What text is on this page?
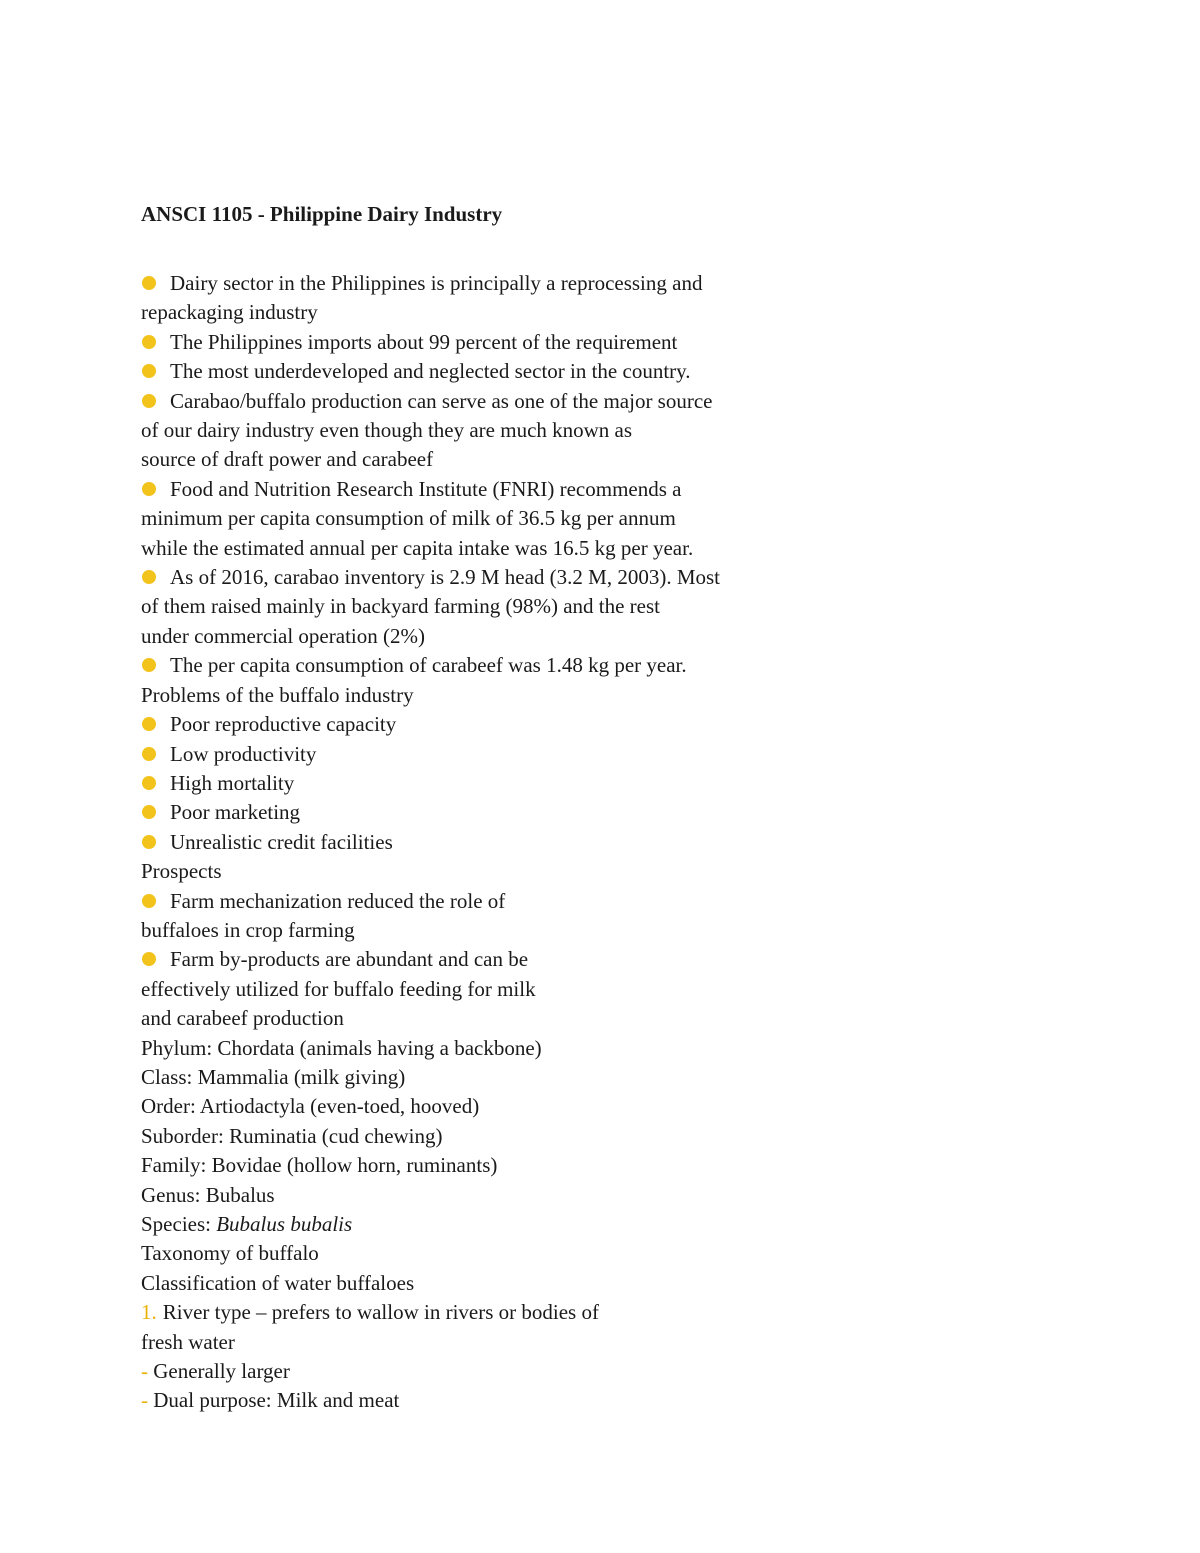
ANSCI 1105 - Philippine Dairy Industry
Dairy sector in the Philippines is principally a reprocessing and
repackaging industry
The Philippines imports about 99 percent of the requirement
The most underdeveloped and neglected sector in the country.
Carabao/buffalo production can serve as one of the major source
of our dairy industry even though they are much known as
source of draft power and carabeef
Food and Nutrition Research Institute (FNRI) recommends a
minimum per capita consumption of milk of 36.5 kg per annum
while the estimated annual per capita intake was 16.5 kg per year.
As of 2016, carabao inventory is 2.9 M head (3.2 M, 2003). Most
of them raised mainly in backyard farming (98%) and the rest
under commercial operation (2%)
The per capita consumption of carabeef was 1.48 kg per year.
Problems of the buffalo industry
Poor reproductive capacity
Low productivity
High mortality
Poor marketing
Unrealistic credit facilities
Prospects
Farm mechanization reduced the role of
buffaloes in crop farming
Farm by-products are abundant and can be
effectively utilized for buffalo feeding for milk
and carabeef production
Phylum: Chordata (animals having a backbone)
Class: Mammalia (milk giving)
Order: Artiodactyla (even-toed, hooved)
Suborder: Ruminatia (cud chewing)
Family: Bovidae (hollow horn, ruminants)
Genus: Bubalus
Species: Bubalus bubalis
Taxonomy of buffalo
Classification of water buffaloes
1. River type – prefers to wallow in rivers or bodies of
fresh water
- Generally larger
- Dual purpose: Milk and meat
